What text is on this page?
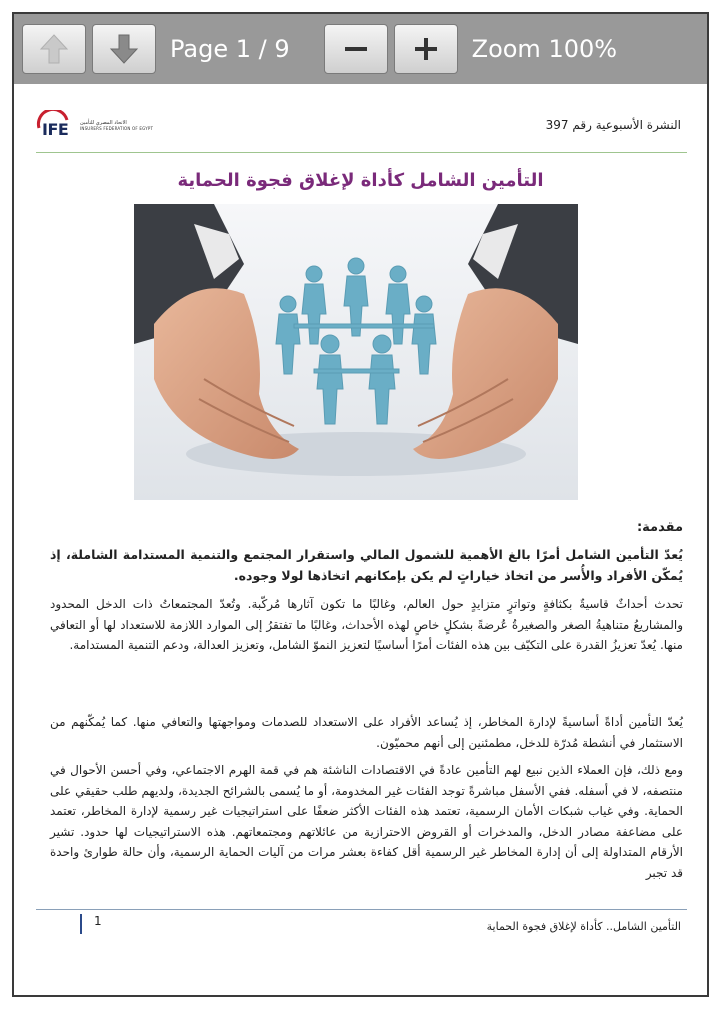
Page 1 / 9	Zoom 100%
IFE الاتحاد المصري للتأمين
INSURERS FEDERATION OF EGYPT	النشرة الأسبوعية رقم 397
التأمين الشامل كأداة لإغلاق فجوة الحماية
مقدمة:
يُعدّ التأمين الشامل أمرًا بالغ الأهمية للشمول المالي واستقرار المجتمع والتنمية المستدامة الشاملة، إذ يُمكّن الأفراد والأُسر من اتخاذ خياراتٍ لم يكن بإمكانهم اتخاذها لولا وجوده.
تحدث أحداثٌ قاسيةٌ بكثافةٍ وتواترٍ متزايدٍ حول العالم، وغالبًا ما تكون آثارها مُركّبة. وتُعدّ المجتمعاتُ ذات الدخل المحدود والمشاريعُ متناهيةُ الصغر والصغيرةُ عُرضةً بشكلٍ خاصٍ لهذه الأحداث، وغالبًا ما تفتقرُ إلى الموارد اللازمة للاستعداد لها أو التعافي منها. يُعدّ تعزيزُ القدرة على التكيّف بين هذه الفئات أمرًا أساسيًا لتعزيز النموّ الشامل، وتعزيز العدالة، ودعم التنمية المستدامة.
يُعدّ التأمين أداةً أساسيةً لإدارة المخاطر، إذ يُساعد الأفراد على الاستعداد للصدمات ومواجهتها والتعافي منها. كما يُمكّنهم من الاستثمار في أنشطة مُدرّة للدخل، مطمئنين إلى أنهم محميّون.
ومع ذلك، فإن العملاء الذين نبيع لهم التأمين عادةً في الاقتصادات الناشئة هم في قمة الهرم الاجتماعي، وفي أحسن الأحوال في منتصفه، لا في أسفله. ففي الأسفل مباشرةً توجد الفئات غير المخدومة، أو ما يُسمى بالشرائح الجديدة، ولديهم طلب حقيقي على الحماية. وفي غياب شبكات الأمان الرسمية، تعتمد هذه الفئات الأكثر ضعفًا على استراتيجيات غير رسمية لإدارة المخاطر، تعتمد على مضاعفة مصادر الدخل، والمدخرات أو القروض الاحترازية من عائلاتهم ومجتمعاتهم. هذه الاستراتيجيات لها حدود. تشير الأرقام المتداولة إلى أن إدارة المخاطر غير الرسمية أقل كفاءة بعشر مرات من آليات الحماية الرسمية، وأن حالة طوارئ واحدة قد تجبر
1	التأمين الشامل.. كأداة لإغلاق فجوة الحماية
